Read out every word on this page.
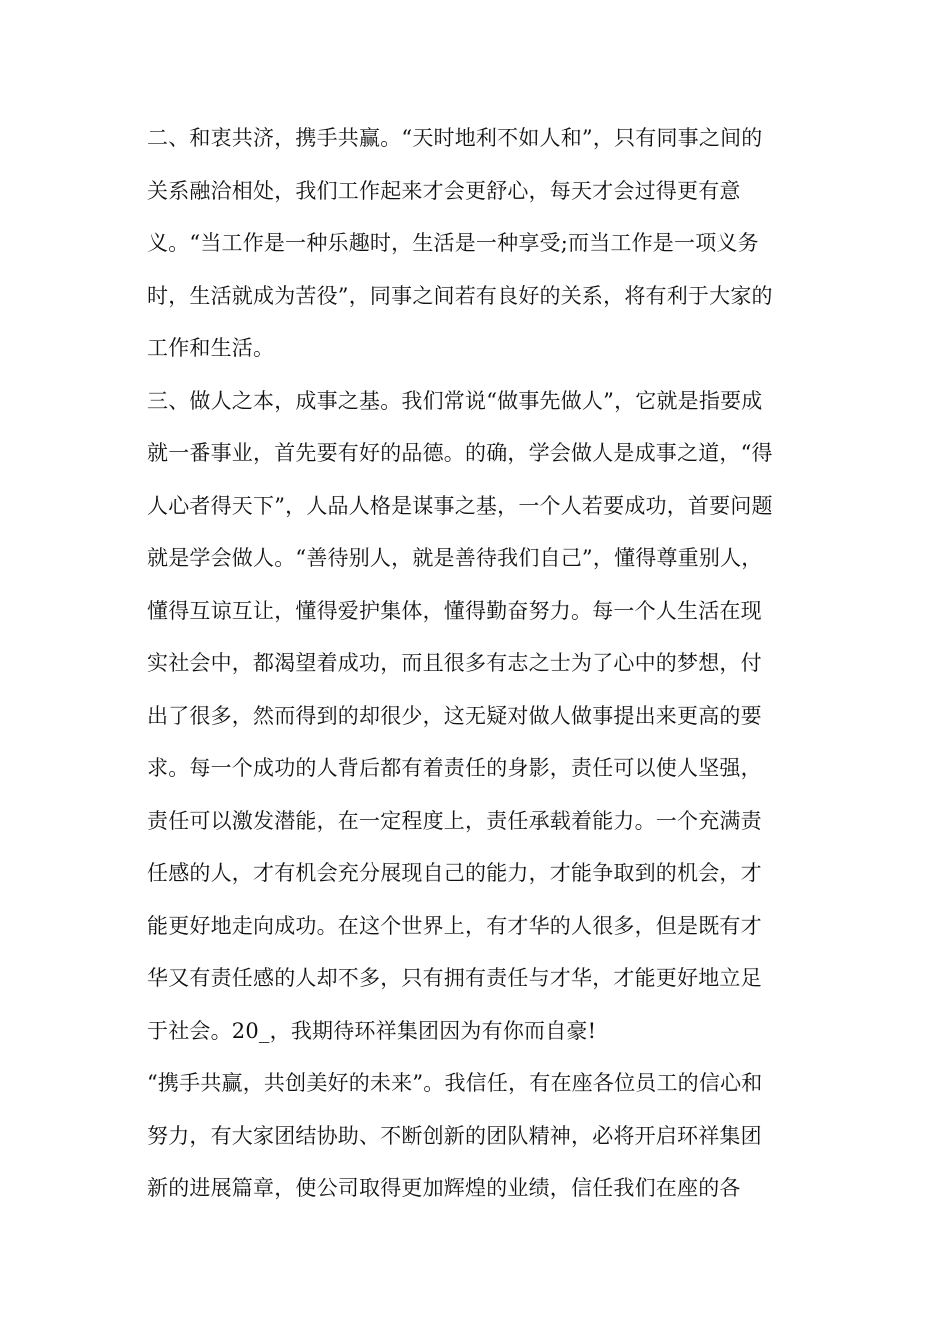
二、和衷共济，携手共赢。“天时地利不如人和”，只有同事之间的
关系融洽相处，我们工作起来才会更舒心，每天才会过得更有意
义。“当工作是一种乐趣时，生活是一种享受;而当工作是一项义务
时，生活就成为苦役”，同事之间若有良好的关系，将有利于大家的
工作和生活。
三、做人之本，成事之基。我们常说“做事先做人”，它就是指要成
就一番事业，首先要有好的品德。的确，学会做人是成事之道，“得
人心者得天下”，人品人格是谋事之基，一个人若要成功，首要问题
就是学会做人。“善待别人，就是善待我们自己”，懂得尊重别人，
懂得互谅互让，懂得爱护集体，懂得勤奋努力。每一个人生活在现
实社会中，都渴望着成功，而且很多有志之士为了心中的梦想，付
出了很多，然而得到的却很少，这无疑对做人做事提出来更高的要
求。每一个成功的人背后都有着责任的身影，责任可以使人坚强，
责任可以激发潜能，在一定程度上，责任承载着能力。一个充满责
任感的人，才有机会充分展现自己的能力，才能争取到的机会，才
能更好地走向成功。在这个世界上，有才华的人很多，但是既有才
华又有责任感的人却不多，只有拥有责任与才华，才能更好地立足
于社会。20_，我期待环祥集团因为有你而自豪!
“携手共赢，共创美好的未来”。我信任，有在座各位员工的信心和
努力，有大家团结协助、不断创新的团队精神，必将开启环祥集团
新的进展篇章，使公司取得更加辉煌的业绩，信任我们在座的各
